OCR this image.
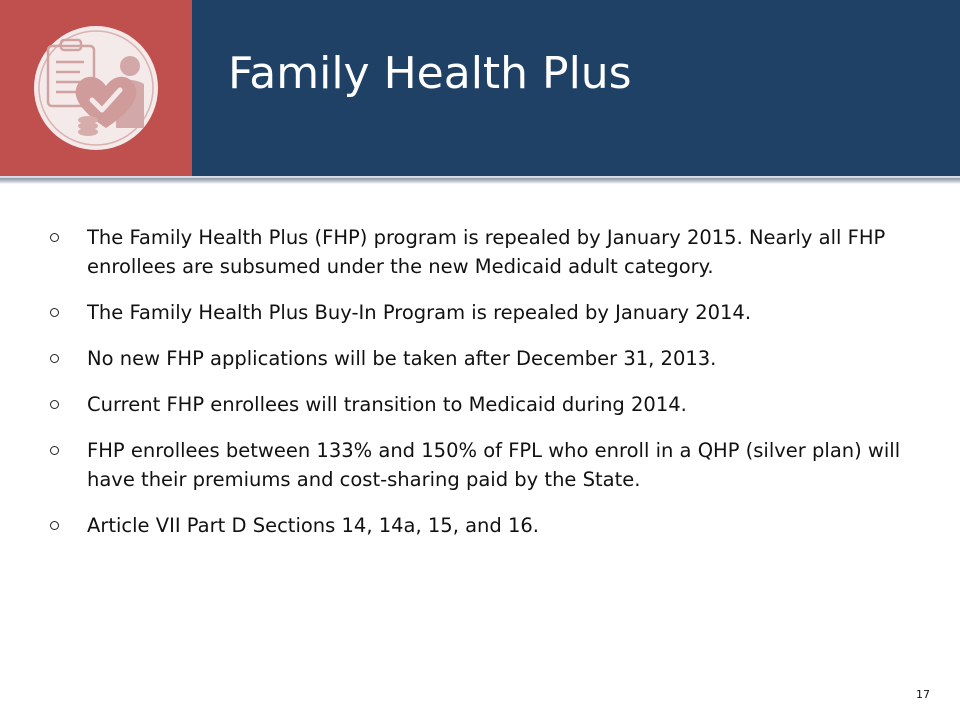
Family Health Plus
The Family Health Plus (FHP) program is repealed by January 2015. Nearly all FHP enrollees are subsumed under the new Medicaid adult category.
The Family Health Plus Buy-In Program is repealed by January 2014.
No new FHP applications will be taken after December 31, 2013.
Current FHP enrollees will transition to Medicaid during 2014.
FHP enrollees between 133% and 150% of FPL who enroll in a QHP (silver plan) will have their premiums and cost-sharing paid by the State.
Article VII Part D Sections 14, 14a, 15, and 16.
17
